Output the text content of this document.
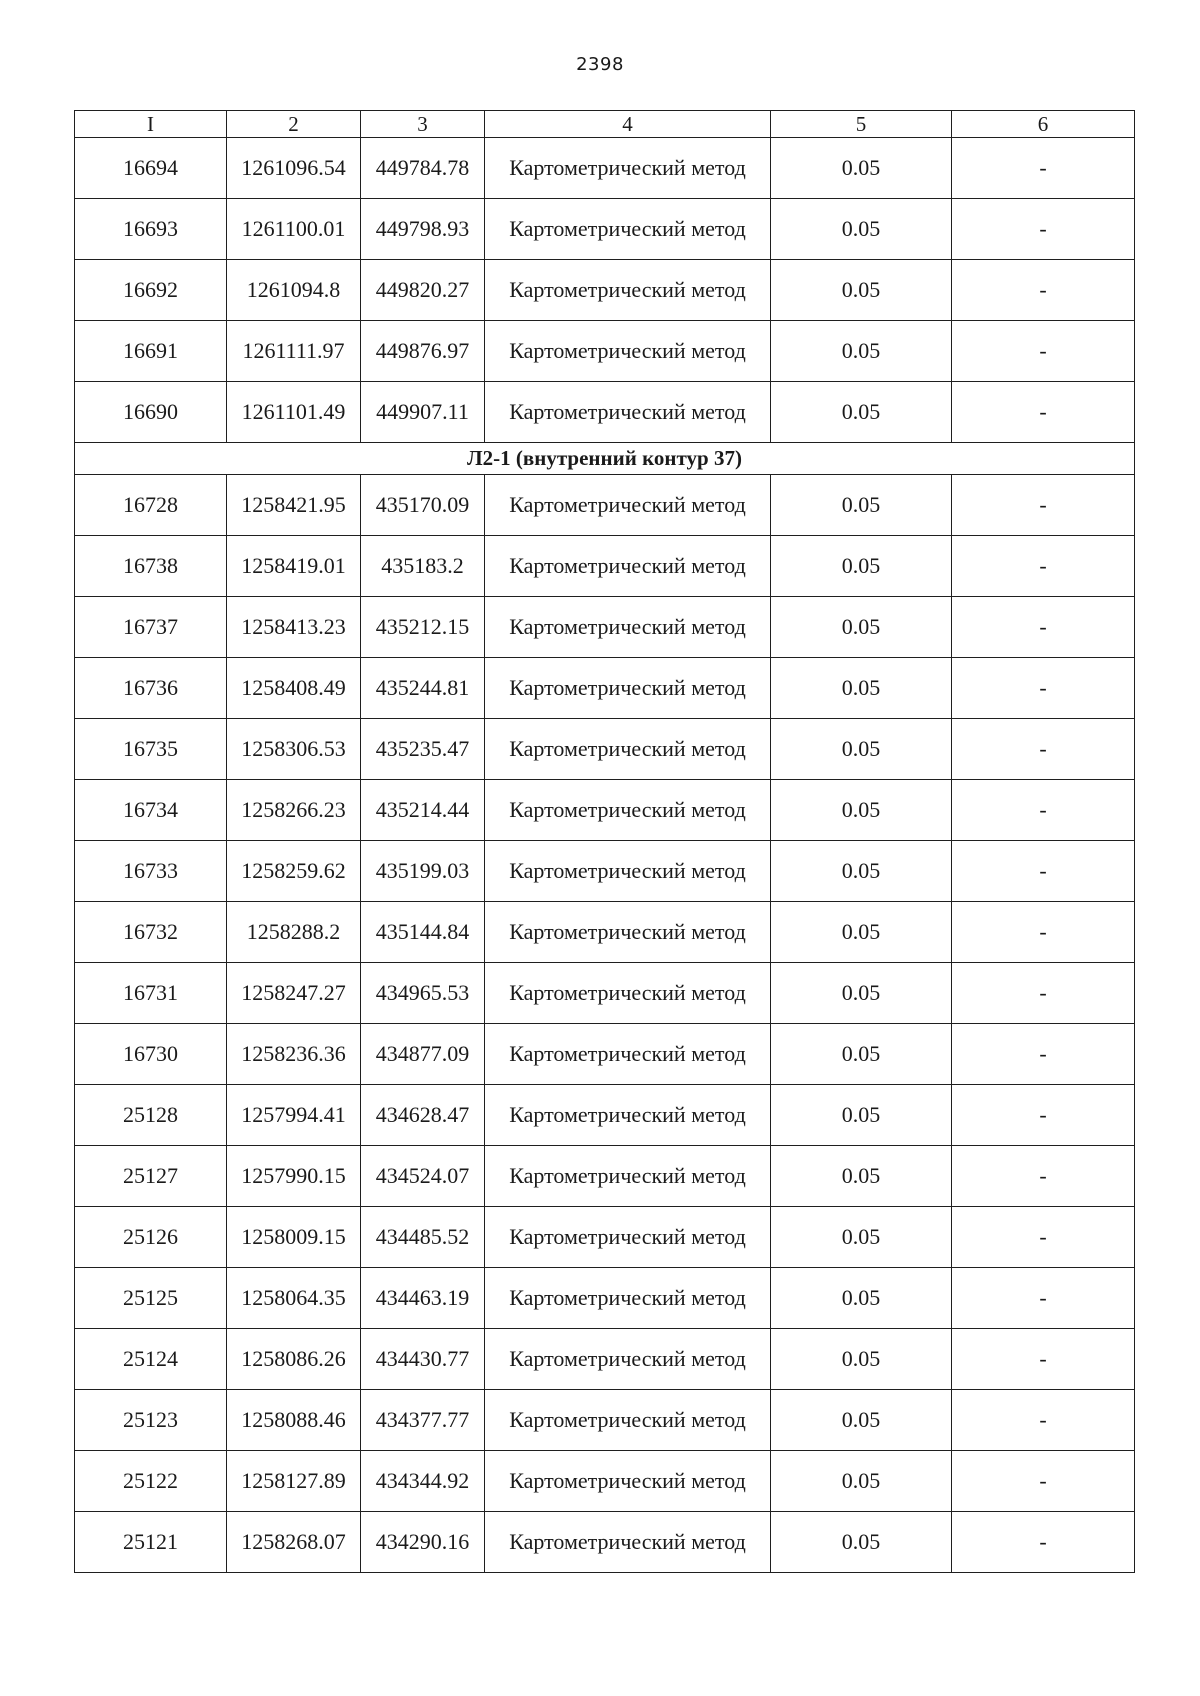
2398
I	2	3	4	5	6
16694	1261096.54	449784.78	Картометрический метод	0.05	-
16693	1261100.01	449798.93	Картометрический метод	0.05	-
16692	1261094.8	449820.27	Картометрический метод	0.05	-
16691	1261111.97	449876.97	Картометрический метод	0.05	-
16690	1261101.49	449907.11	Картометрический метод	0.05	-
Л2-1 (внутренний контур 37)					
16728	1258421.95	435170.09	Картометрический метод	0.05	-
16738	1258419.01	435183.2	Картометрический метод	0.05	-
16737	1258413.23	435212.15	Картометрический метод	0.05	-
16736	1258408.49	435244.81	Картометрический метод	0.05	-
16735	1258306.53	435235.47	Картометрический метод	0.05	-
16734	1258266.23	435214.44	Картометрический метод	0.05	-
16733	1258259.62	435199.03	Картометрический метод	0.05	-
16732	1258288.2	435144.84	Картометрический метод	0.05	-
16731	1258247.27	434965.53	Картометрический метод	0.05	-
16730	1258236.36	434877.09	Картометрический метод	0.05	-
25128	1257994.41	434628.47	Картометрический метод	0.05	-
25127	1257990.15	434524.07	Картометрический метод	0.05	-
25126	1258009.15	434485.52	Картометрический метод	0.05	-
25125	1258064.35	434463.19	Картометрический метод	0.05	-
25124	1258086.26	434430.77	Картометрический метод	0.05	-
25123	1258088.46	434377.77	Картометрический метод	0.05	-
25122	1258127.89	434344.92	Картометрический метод	0.05	-
25121	1258268.07	434290.16	Картометрический метод	0.05	-
